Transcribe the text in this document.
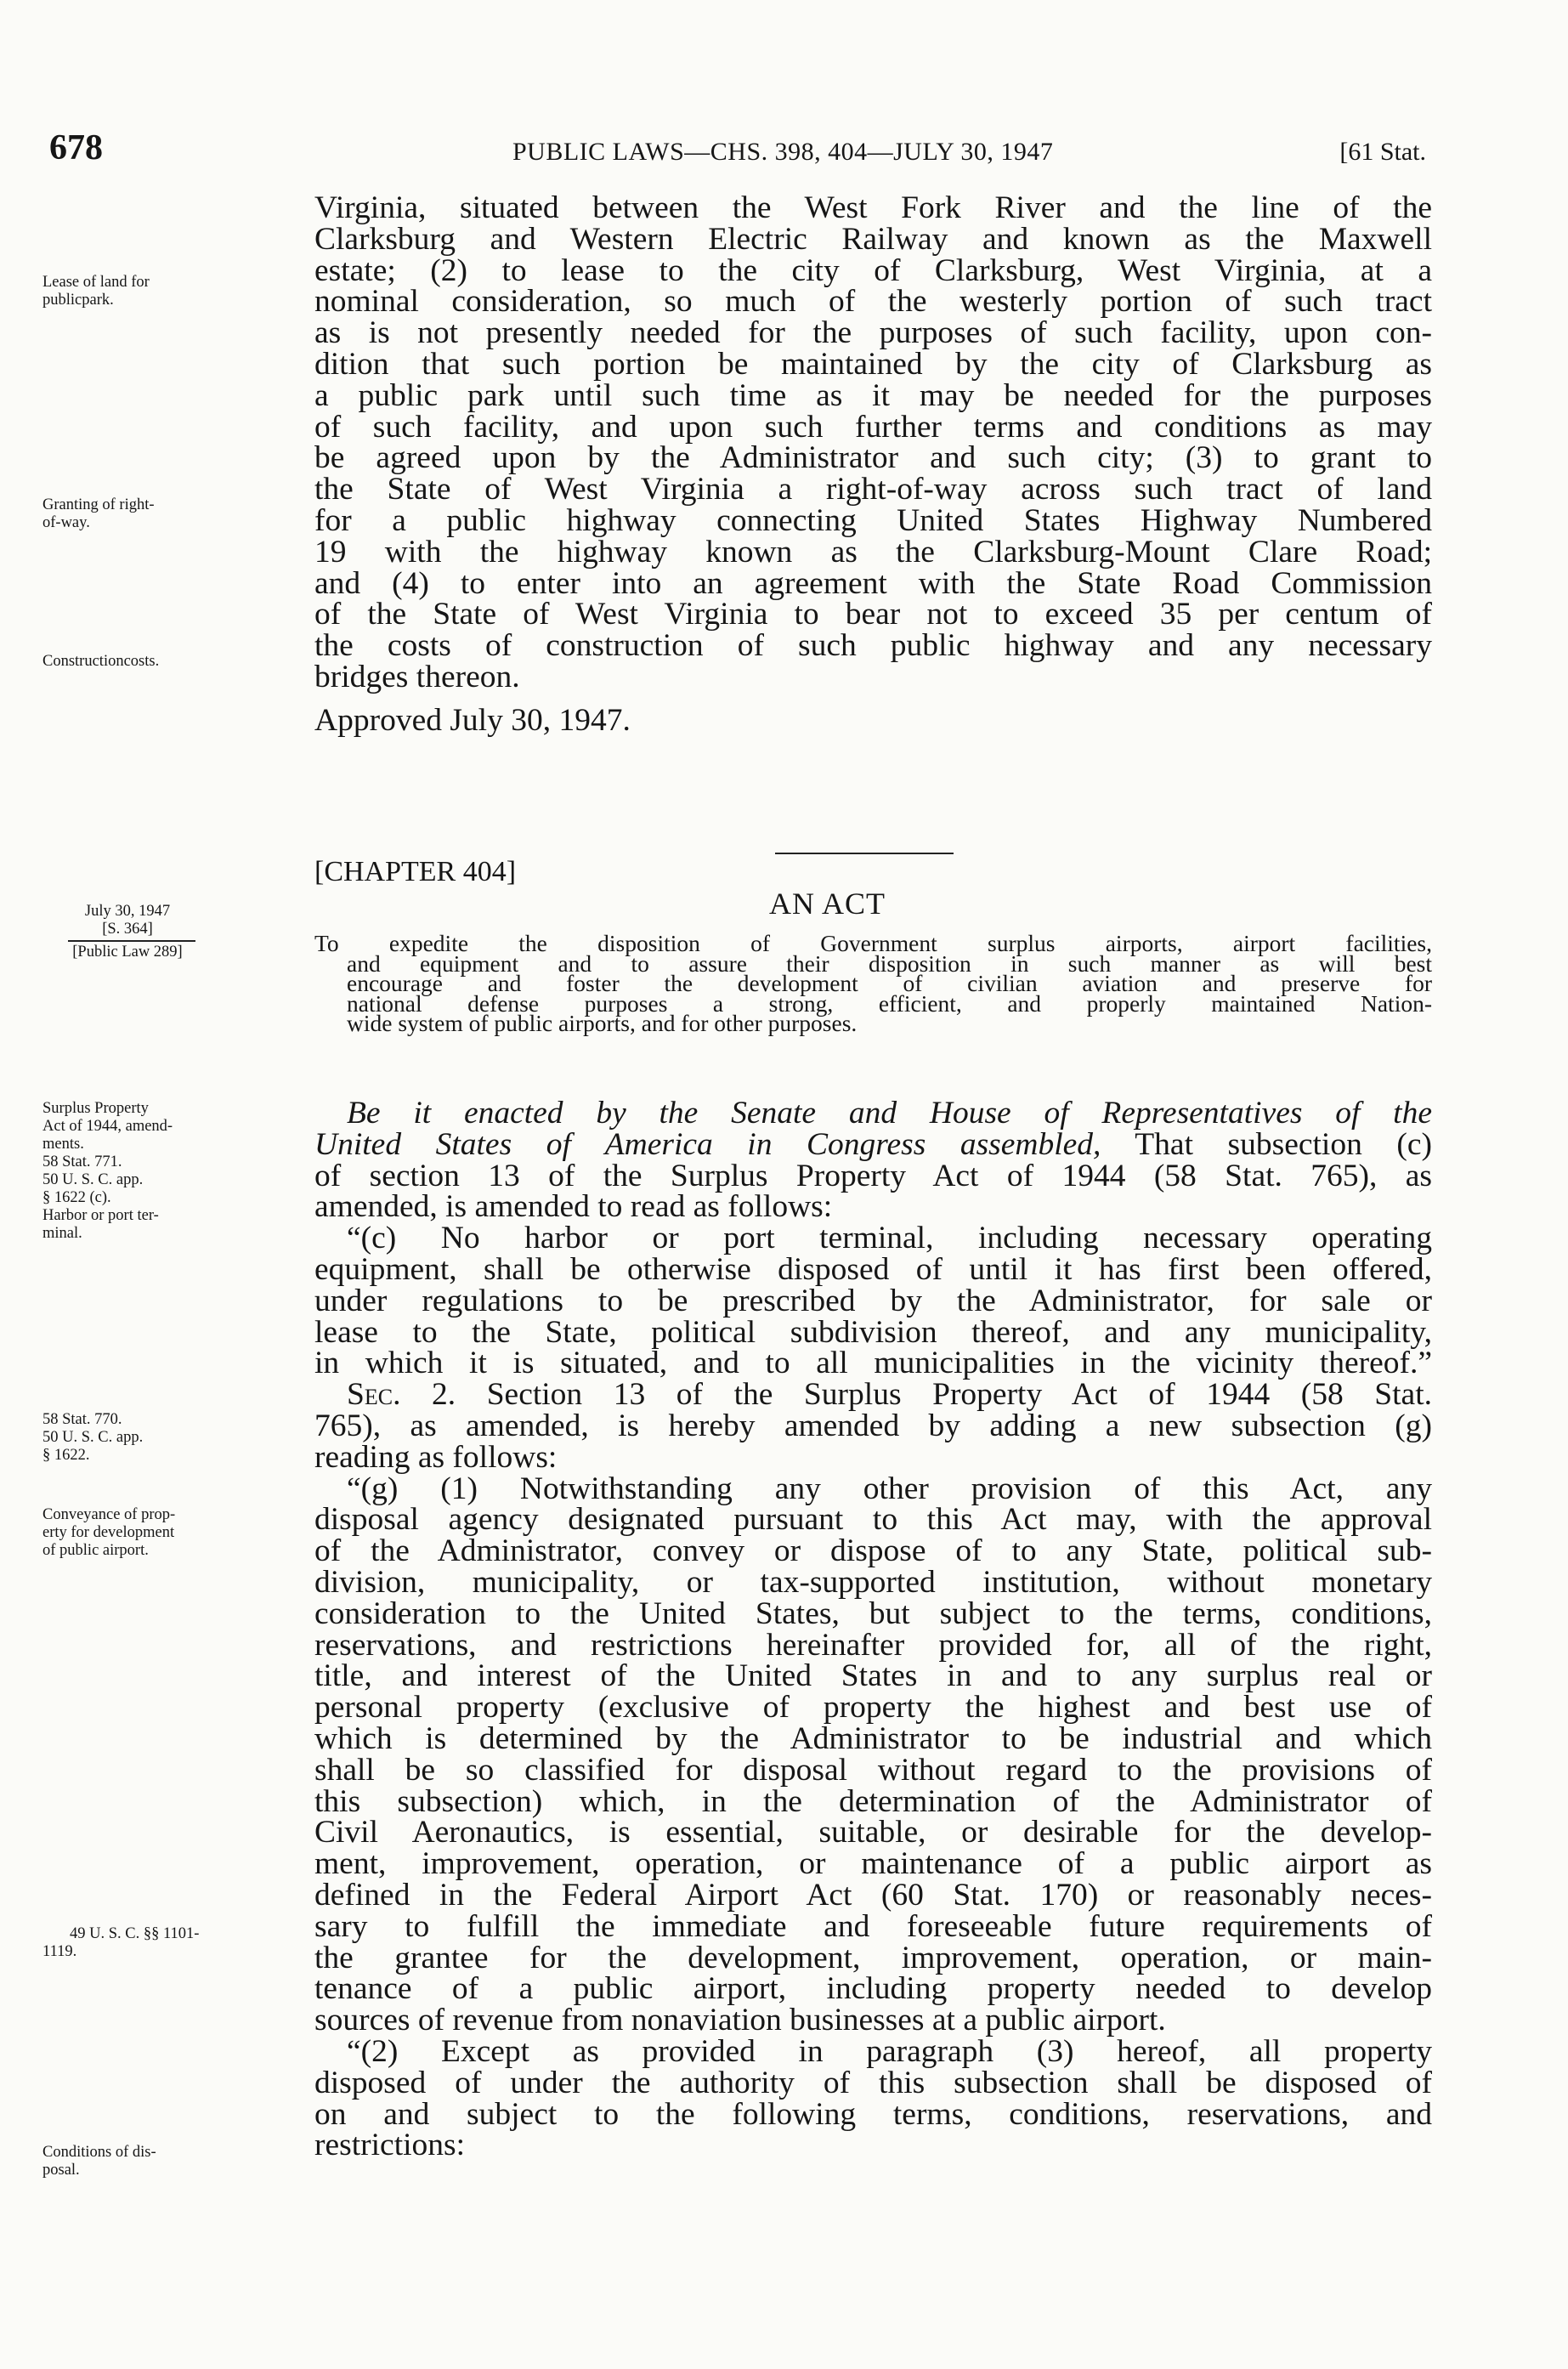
678	PUBLIC LAWS—CHS. 398, 404—JULY 30, 1947	[61 Stat.
Lease of land for
publicpark.
Granting of right-
of-way.
Constructioncosts.
July 30, 1947
[S. 364]
[Public Law 289]
Surplus Property
Act of 1944, amend-
ments.
58 Stat. 771.
50 U. S. C. app.
§ 1622 (c).
Harbor or port ter-
minal.
58 Stat. 770.
50 U. S. C. app.
§ 1622.
Conveyance of prop-
erty for development
of public airport.
49 U. S. C. §§ 1101-
1119.
Conditions of dis-
posal.
Virginia, situated between the West Fork River and the line of the
Clarksburg and Western Electric Railway and known as the Maxwell
estate; (2) to lease to the city of Clarksburg, West Virginia, at a
nominal consideration, so much of the westerly portion of such tract
as is not presently needed for the purposes of such facility, upon con-
dition that such portion be maintained by the city of Clarksburg as
a public park until such time as it may be needed for the purposes
of such facility, and upon such further terms and conditions as may
be agreed upon by the Administrator and such city; (3) to grant to
the State of West Virginia a right-of-way across such tract of land
for a public highway connecting United States Highway Numbered
19 with the highway known as the Clarksburg-Mount Clare Road;
and (4) to enter into an agreement with the State Road Commission
of the State of West Virginia to bear not to exceed 35 per centum of
the costs of construction of such public highway and any necessary
bridges thereon.
Approved July 30, 1947.
[CHAPTER 404]
AN ACT
To expedite the disposition of Government surplus airports, airport facilities,
and equipment and to assure their disposition in such manner as will best
encourage and foster the development of civilian aviation and preserve for
national defense purposes a strong, efficient, and properly maintained Nation-
wide system of public airports, and for other purposes.
Be it enacted by the Senate and House of Representatives of the
United States of America in Congress assembled, That subsection (c)
of section 13 of the Surplus Property Act of 1944 (58 Stat. 765), as
amended, is amended to read as follows:
“(c) No harbor or port terminal, including necessary operating
equipment, shall be otherwise disposed of until it has first been offered,
under regulations to be prescribed by the Administrator, for sale or
lease to the State, political subdivision thereof, and any municipality,
in which it is situated, and to all municipalities in the vicinity thereof.”
Sec. 2. Section 13 of the Surplus Property Act of 1944 (58 Stat.
765), as amended, is hereby amended by adding a new subsection (g)
reading as follows:
“(g) (1) Notwithstanding any other provision of this Act, any
disposal agency designated pursuant to this Act may, with the approval
of the Administrator, convey or dispose of to any State, political sub-
division, municipality, or tax-supported institution, without monetary
consideration to the United States, but subject to the terms, conditions,
reservations, and restrictions hereinafter provided for, all of the right,
title, and interest of the United States in and to any surplus real or
personal property (exclusive of property the highest and best use of
which is determined by the Administrator to be industrial and which
shall be so classified for disposal without regard to the provisions of
this subsection) which, in the determination of the Administrator of
Civil Aeronautics, is essential, suitable, or desirable for the develop-
ment, improvement, operation, or maintenance of a public airport as
defined in the Federal Airport Act (60 Stat. 170) or reasonably neces-
sary to fulfill the immediate and foreseeable future requirements of
the grantee for the development, improvement, operation, or main-
tenance of a public airport, including property needed to develop
sources of revenue from nonaviation businesses at a public airport.
“(2) Except as provided in paragraph (3) hereof, all property
disposed of under the authority of this subsection shall be disposed of
on and subject to the following terms, conditions, reservations, and
restrictions:
